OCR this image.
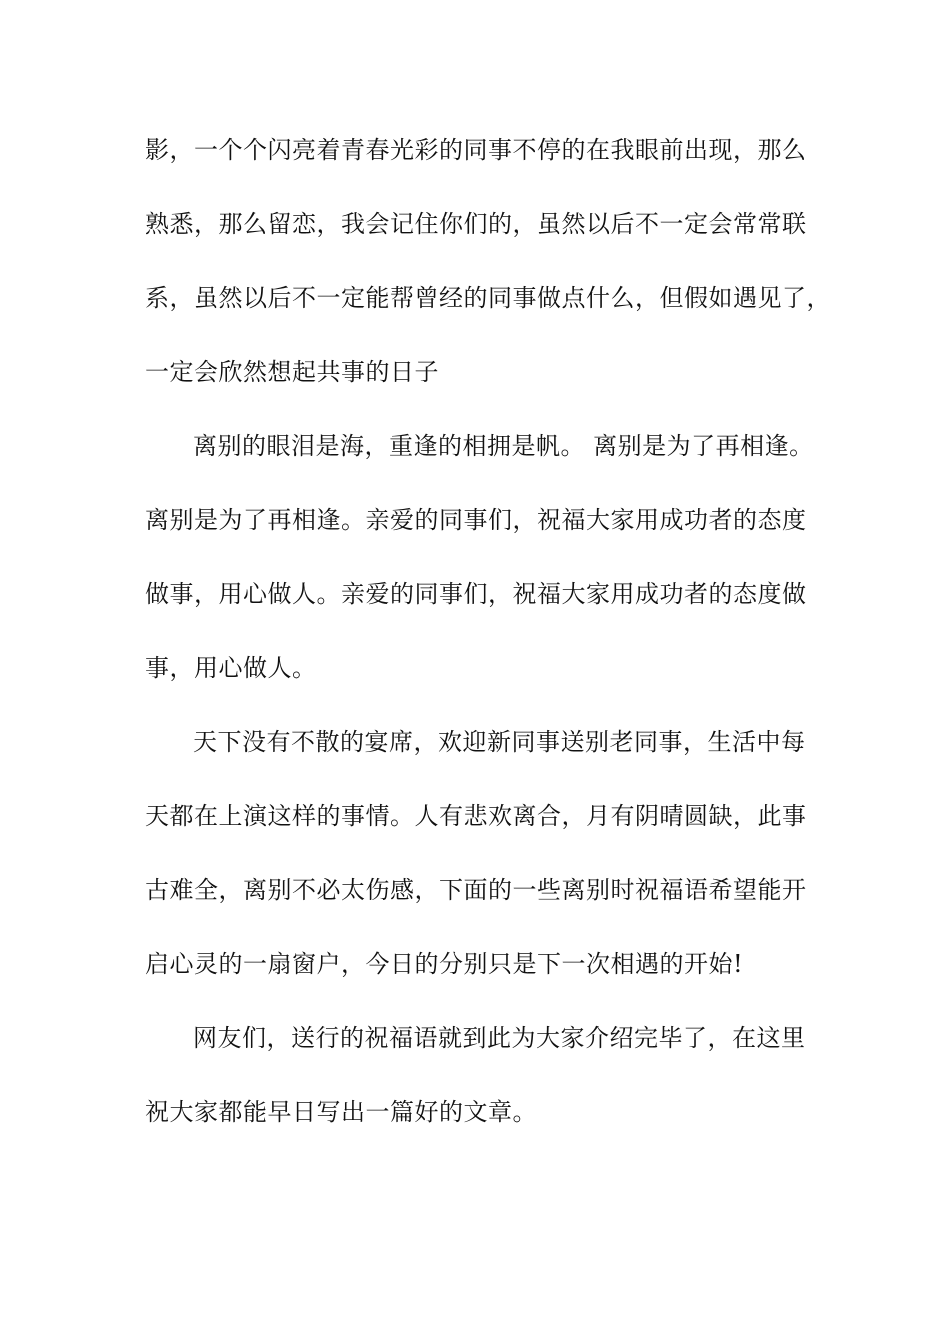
影，一个个闪亮着青春光彩的同事不停的在我眼前出现，那么
熟悉，那么留恋，我会记住你们的，虽然以后不一定会常常联
系，虽然以后不一定能帮曾经的同事做点什么，但假如遇见了，
一定会欣然想起共事的日子
离别的眼泪是海，重逢的相拥是帆。 离别是为了再相逢。
离别是为了再相逢。亲爱的同事们，祝福大家用成功者的态度
做事，用心做人。亲爱的同事们，祝福大家用成功者的态度做
事，用心做人。
天下没有不散的宴席，欢迎新同事送别老同事，生活中每
天都在上演这样的事情。人有悲欢离合，月有阴晴圆缺，此事
古难全，离别不必太伤感，下面的一些离别时祝福语希望能开
启心灵的一扇窗户，今日的分别只是下一次相遇的开始!
网友们，送行的祝福语就到此为大家介绍完毕了，在这里
祝大家都能早日写出一篇好的文章。
